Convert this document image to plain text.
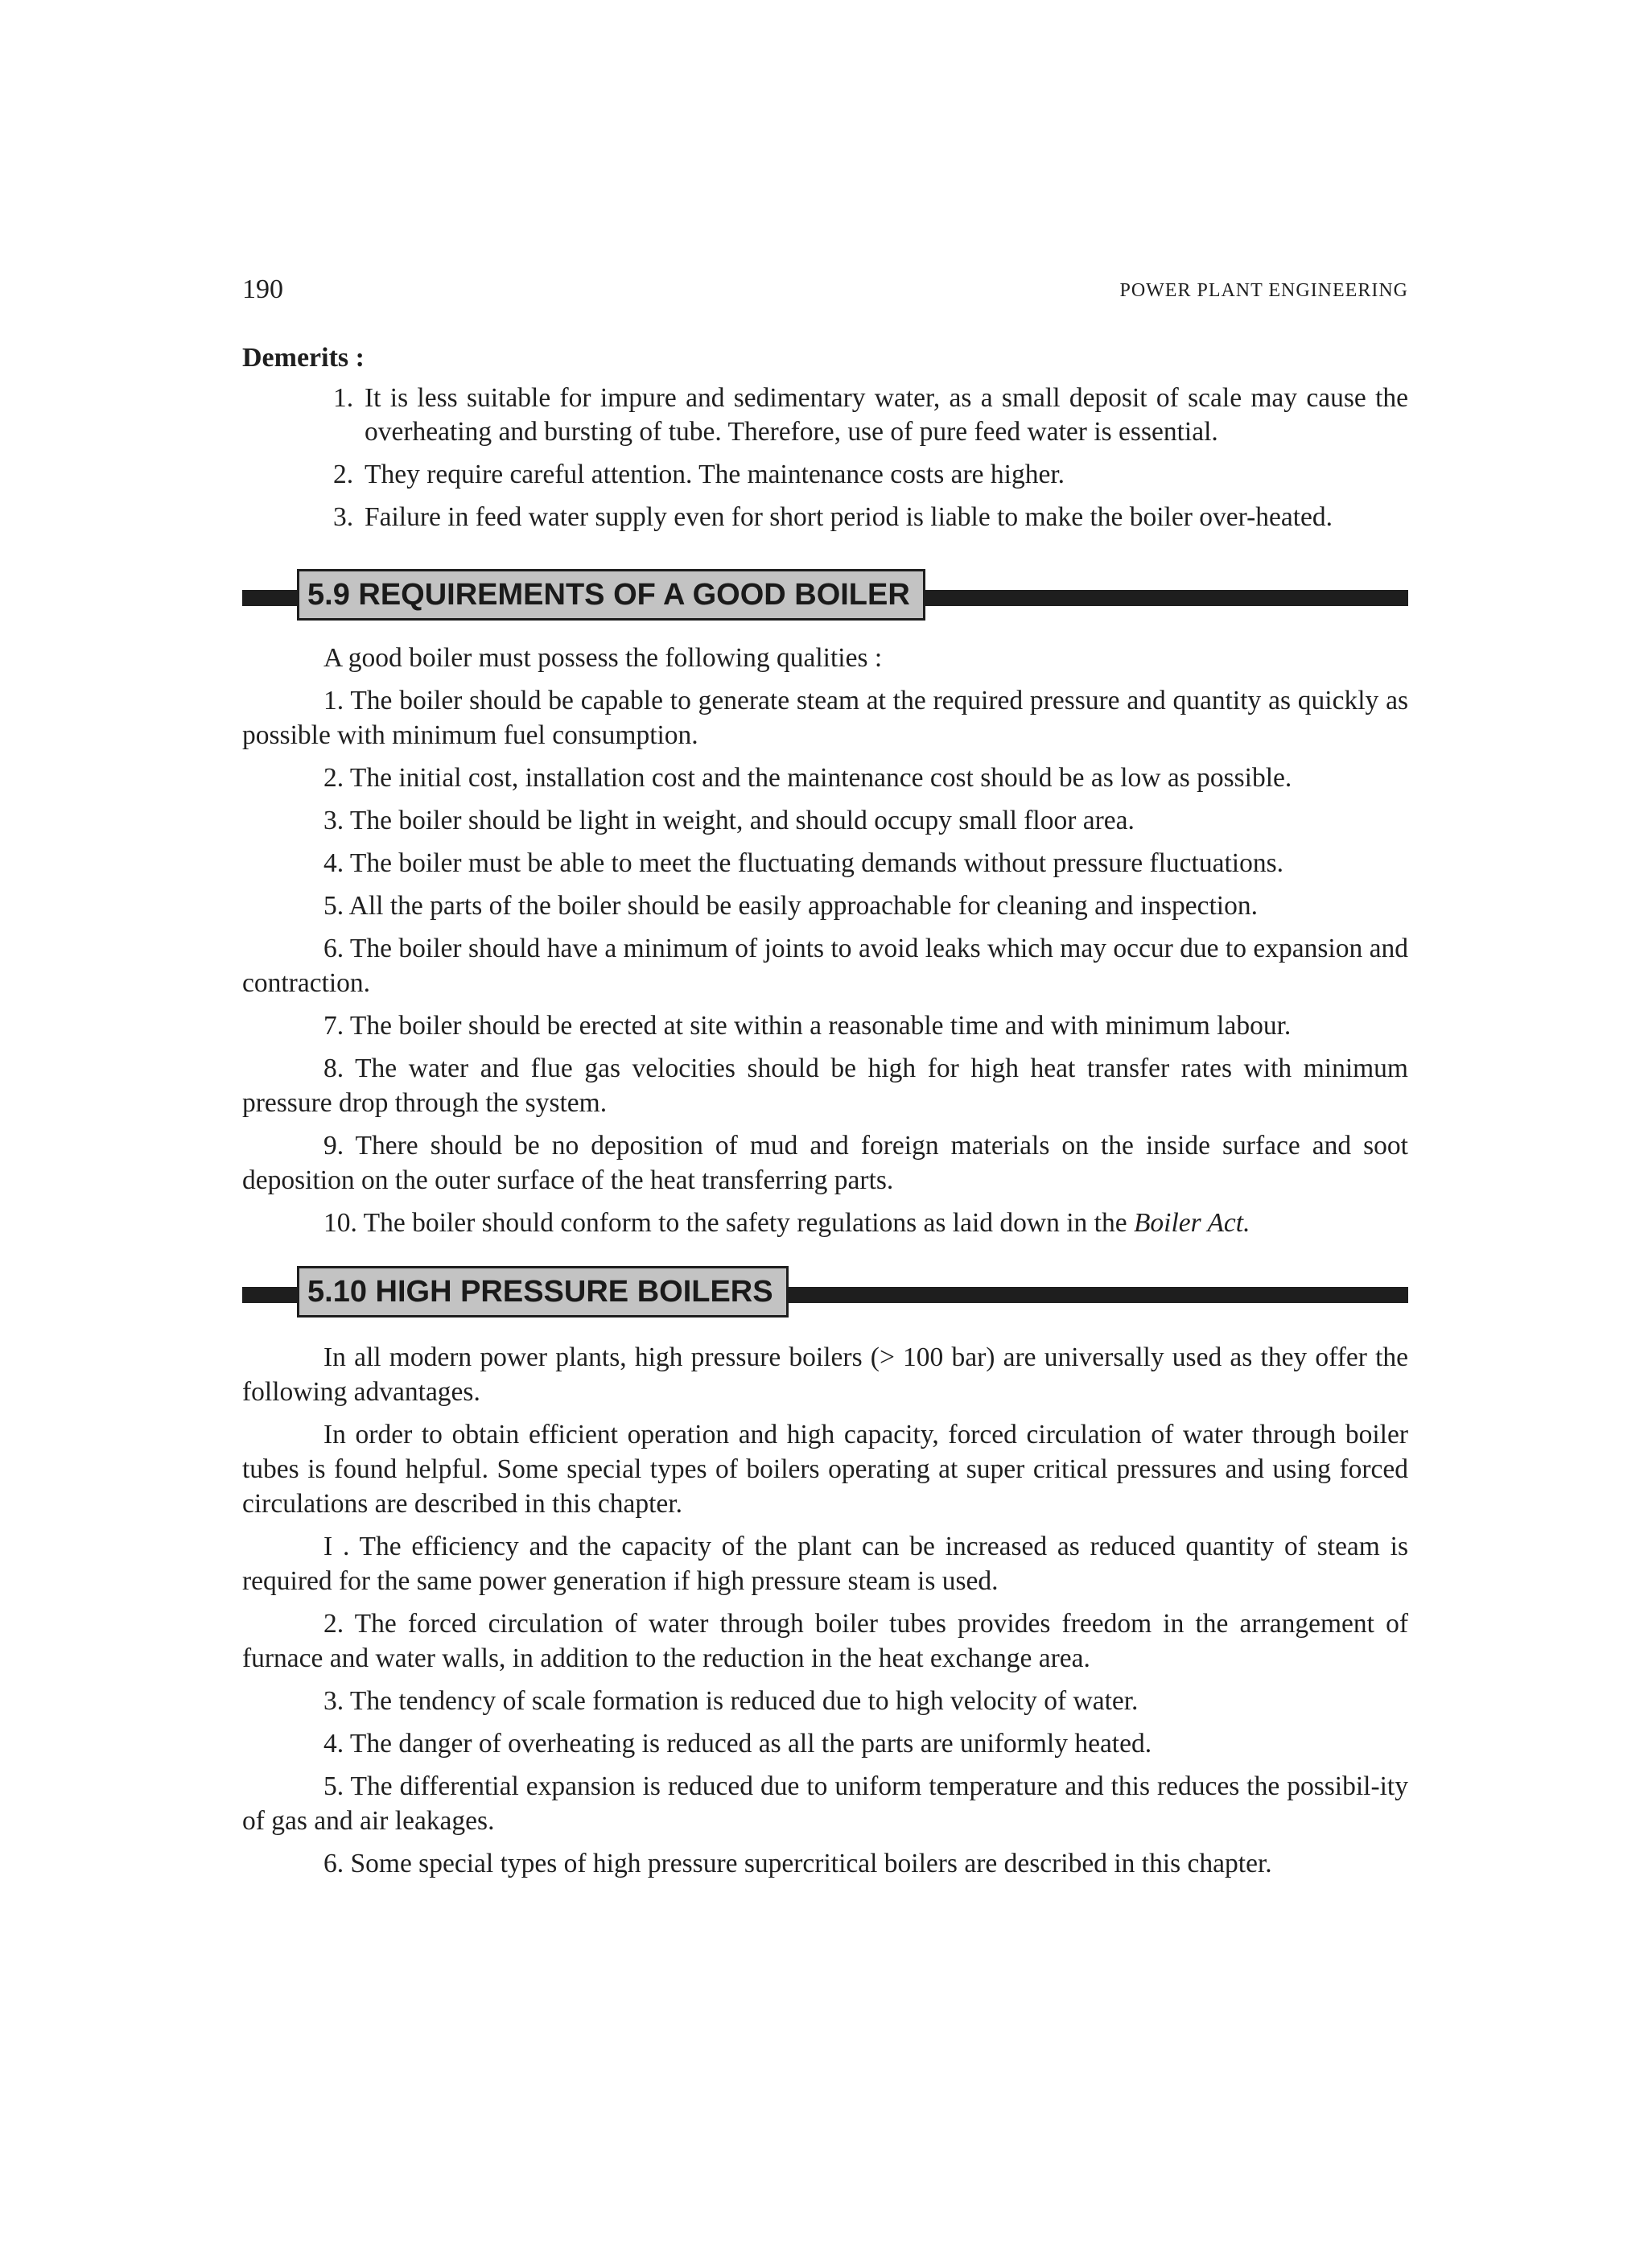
190	POWER PLANT ENGINEERING
Demerits :
1. It is less suitable for impure and sedimentary water, as a small deposit of scale may cause the overheating and bursting of tube. Therefore, use of pure feed water is essential.
2. They require careful attention. The maintenance costs are higher.
3. Failure in feed water supply even for short period is liable to make the boiler over-heated.
5.9 REQUIREMENTS OF A GOOD BOILER

A good boiler must possess the following qualities :

1. The boiler should be capable to generate steam at the required pressure and quantity as quickly as possible with minimum fuel consumption.

2. The initial cost, installation cost and the maintenance cost should be as low as possible.

3. The boiler should be light in weight, and should occupy small floor area.

4. The boiler must be able to meet the fluctuating demands without pressure fluctuations.

5. All the parts of the boiler should be easily approachable for cleaning and inspection.

6. The boiler should have a minimum of joints to avoid leaks which may occur due to expansion and contraction.

7. The boiler should be erected at site within a reasonable time and with minimum labour.

8. The water and flue gas velocities should be high for high heat transfer rates with minimum pressure drop through the system.

9. There should be no deposition of mud and foreign materials on the inside surface and soot deposition on the outer surface of the heat transferring parts.

10. The boiler should conform to the safety regulations as laid down in the Boiler Act.

5.10 HIGH PRESSURE BOILERS

In all modern power plants, high pressure boilers (> 100 bar) are universally used as they offer the following advantages.

In order to obtain efficient operation and high capacity, forced circulation of water through boiler tubes is found helpful. Some special types of boilers operating at super critical pressures and using forced circulations are described in this chapter.

I . The efficiency and the capacity of the plant can be increased as reduced quantity of steam is required for the same power generation if high pressure steam is used.

2. The forced circulation of water through boiler tubes provides freedom in the arrangement of furnace and water walls, in addition to the reduction in the heat exchange area.

3. The tendency of scale formation is reduced due to high velocity of water.

4. The danger of overheating is reduced as all the parts are uniformly heated.

5. The differential expansion is reduced due to uniform temperature and this reduces the possibil-ity of gas and air leakages.

6. Some special types of high pressure supercritical boilers are described in this chapter.
